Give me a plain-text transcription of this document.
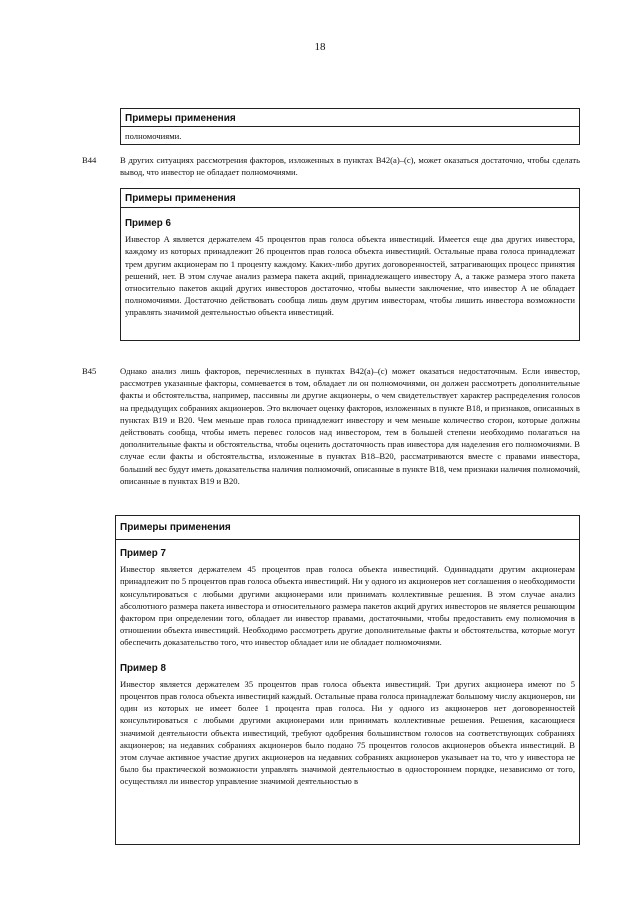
18
Примеры применения
полномочиями.
B44	В других ситуациях рассмотрения факторов, изложенных в пунктах B42(a)–(c), может оказаться достаточно, чтобы сделать вывод, что инвестор не обладает полномочиями.
Примеры применения
Пример 6

Инвестор A является держателем 45 процентов прав голоса объекта инвестиций. Имеется еще два других инвестора, каждому из которых принадлежит 26 процентов прав голоса объекта инвестиций. Остальные права голоса принадлежат трем другим акционерам по 1 проценту каждому. Каких-либо других договоренностей, затрагивающих процесс принятия решений, нет. В этом случае анализ размера пакета акций, принадлежащего инвестору A, а также размера этого пакета относительно пакетов акций других инвесторов достаточно, чтобы вынести заключение, что инвестор A не обладает полномочиями. Достаточно действовать сообща лишь двум другим инвесторам, чтобы лишить инвестора возможности управлять значимой деятельностью объекта инвестиций.

B45	Однако анализ лишь факторов, перечисленных в пунктах B42(a)–(c) может оказаться недостаточным. Если инвестор, рассмотрев указанные факторы, сомневается в том, обладает ли он полномочиями, он должен рассмотреть дополнительные факты и обстоятельства, например, пассивны ли другие акционеры, о чем свидетельствует характер распределения голосов на предыдущих собраниях акционеров. Это включает оценку факторов, изложенных в пункте B18, и признаков, описанных в пунктах B19 и B20. Чем меньше прав голоса принадлежит инвестору и чем меньше количество сторон, которые должны действовать сообща, чтобы иметь перевес голосов над инвестором, тем в большей степени необходимо полагаться на дополнительные факты и обстоятельства, чтобы оценить достаточность прав инвестора для наделения его полномочиями. В случае если факты и обстоятельства, изложенные в пунктах B18–B20, рассматриваются вместе с правами инвестора, больший вес будут иметь доказательства наличия полномочий, описанные в пункте B18, чем признаки наличия полномочий, описанные в пунктах B19 и B20.
Примеры применения
Пример 7

Инвестор является держателем 45 процентов прав голоса объекта инвестиций. Одиннадцати другим акционерам принадлежит по 5 процентов прав голоса объекта инвестиций. Ни у одного из акционеров нет соглашения о необходимости консультироваться с любыми другими акционерами или принимать коллективные решения. В этом случае анализ абсолютного размера пакета инвестора и относительного размера пакетов акций других инвесторов не является решающим фактором при определении того, обладает ли инвестор правами, достаточными, чтобы предоставить ему полномочия в отношении объекта инвестиций. Необходимо рассмотреть другие дополнительные факты и обстоятельства, которые могут обеспечить доказательство того, что инвестор обладает или не обладает полномочиями.

Пример 8

Инвестор является держателем 35 процентов прав голоса объекта инвестиций. Три других акционера имеют по 5 процентов прав голоса объекта инвестиций каждый. Остальные права голоса принадлежат большому числу акционеров, ни один из которых не имеет более 1 процента прав голоса. Ни у одного из акционеров нет договоренностей консультироваться с любыми другими акционерами или принимать коллективные решения. Решения, касающиеся значимой деятельности объекта инвестиций, требуют одобрения большинством голосов на соответствующих собраниях акционеров; на недавних собраниях акционеров было подано 75 процентов голосов акционеров объекта инвестиций. В этом случае активное участие других акционеров на недавних собраниях акционеров указывает на то, что у инвестора не было бы практической возможности управлять значимой деятельностью в одностороннем порядке, независимо от того, осуществлял ли инвестор управление значимой деятельностью в
